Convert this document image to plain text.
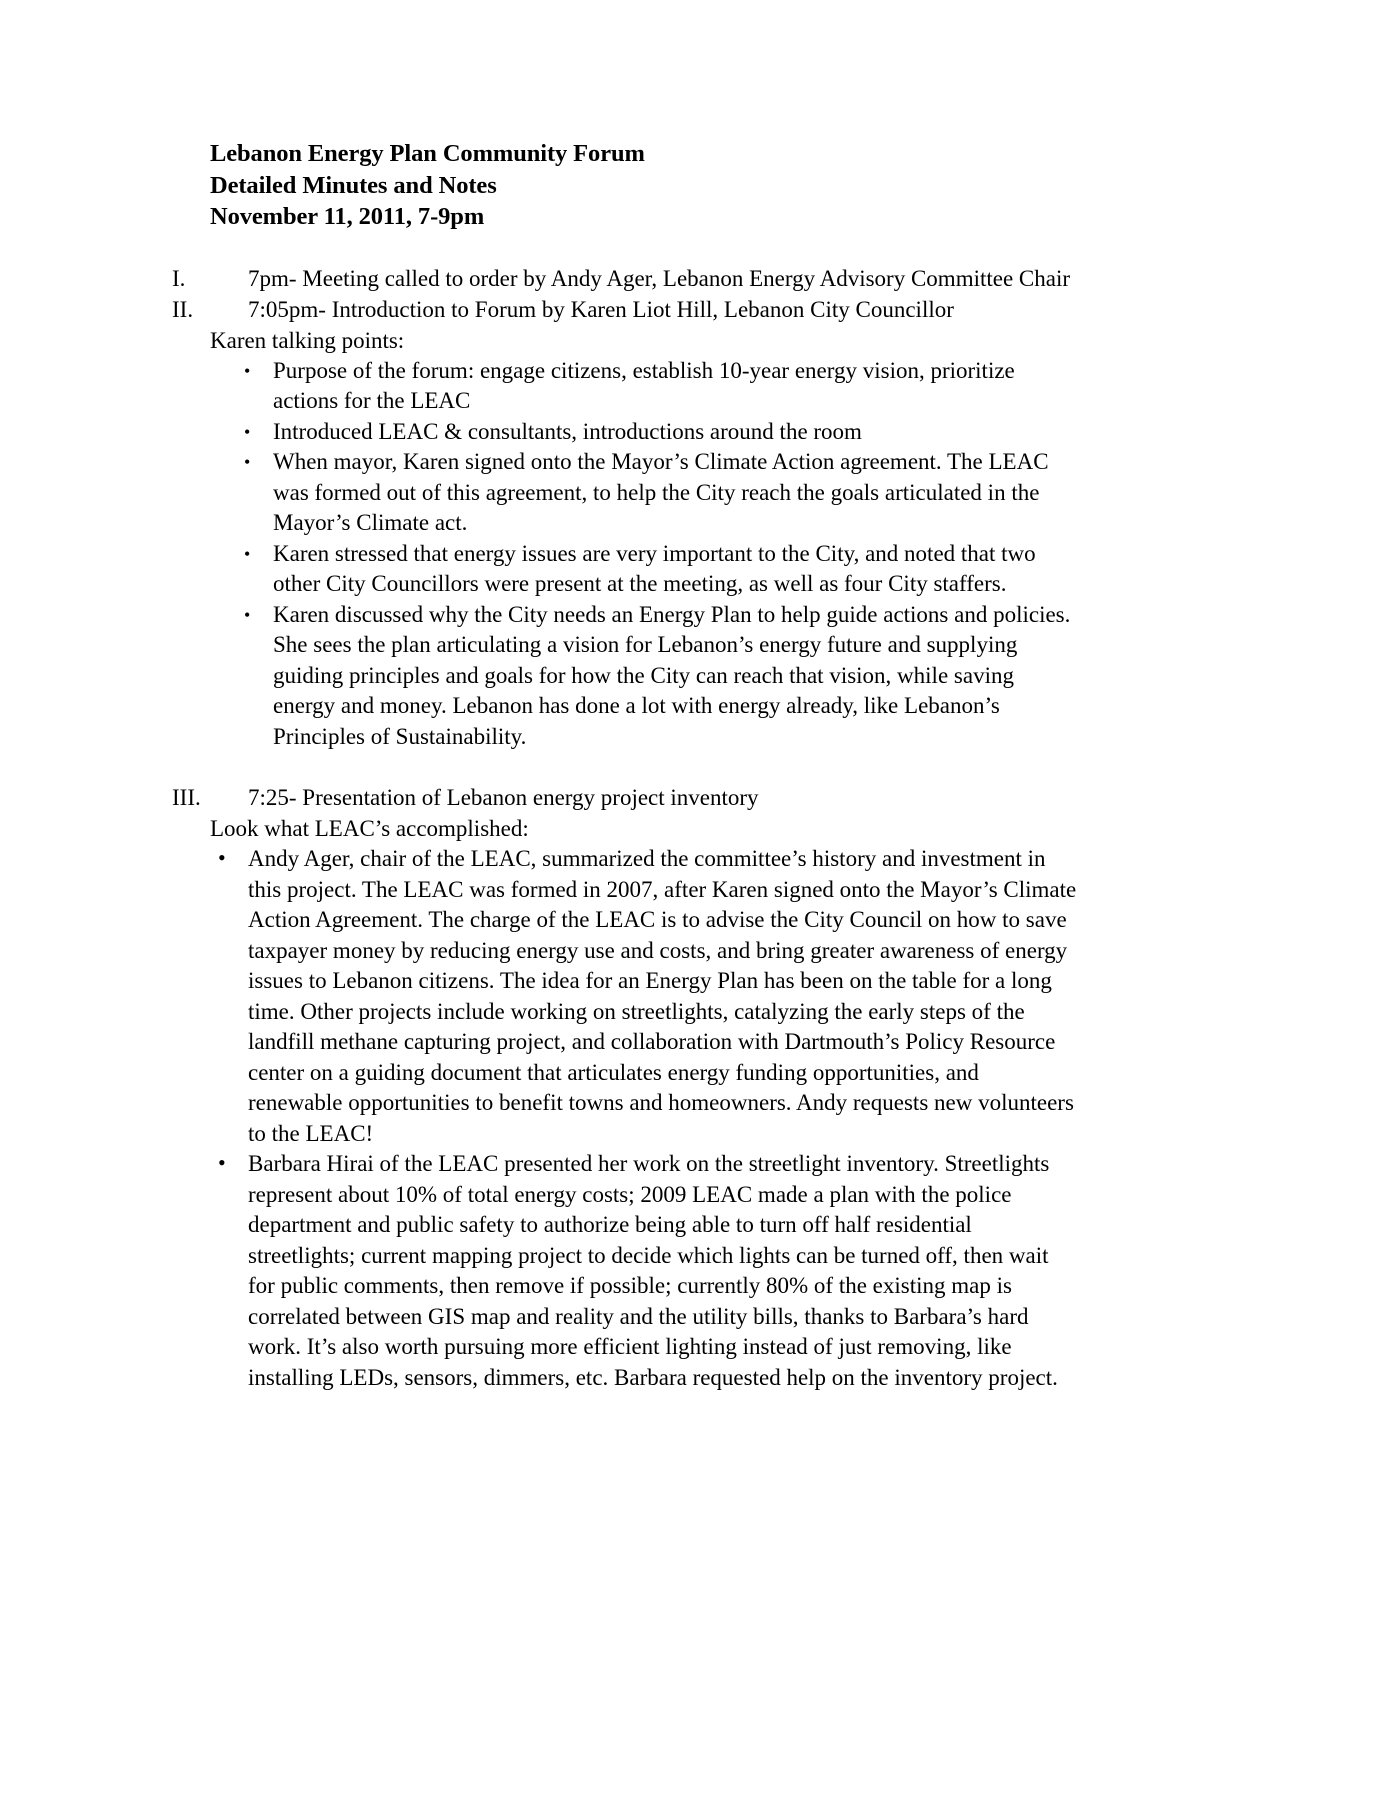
Lebanon Energy Plan Community Forum
Detailed Minutes and Notes
November 11, 2011, 7-9pm
I.	7pm- Meeting called to order by Andy Ager, Lebanon Energy Advisory Committee Chair
II.	7:05pm- Introduction to Forum by Karen Liot Hill, Lebanon City Councillor
Karen talking points:
• Purpose of the forum: engage citizens, establish 10-year energy vision, prioritize actions for the LEAC
• Introduced LEAC & consultants, introductions around the room
• When mayor, Karen signed onto the Mayor’s Climate Action agreement. The LEAC was formed out of this agreement, to help the City reach the goals articulated in the Mayor’s Climate act.
• Karen stressed that energy issues are very important to the City, and noted that two other City Councillors were present at the meeting, as well as four City staffers.
• Karen discussed why the City needs an Energy Plan to help guide actions and policies. She sees the plan articulating a vision for Lebanon’s energy future and supplying guiding principles and goals for how the City can reach that vision, while saving energy and money. Lebanon has done a lot with energy already, like Lebanon’s Principles of Sustainability.
III.	7:25- Presentation of Lebanon energy project inventory
Look what LEAC’s accomplished:
• Andy Ager, chair of the LEAC, summarized the committee’s history and investment in this project. The LEAC was formed in 2007, after Karen signed onto the Mayor’s Climate Action Agreement. The charge of the LEAC is to advise the City Council on how to save taxpayer money by reducing energy use and costs, and bring greater awareness of energy issues to Lebanon citizens. The idea for an Energy Plan has been on the table for a long time. Other projects include working on streetlights, catalyzing the early steps of the landfill methane capturing project, and collaboration with Dartmouth’s Policy Resource center on a guiding document that articulates energy funding opportunities, and renewable opportunities to benefit towns and homeowners. Andy requests new volunteers to the LEAC!
• Barbara Hirai of the LEAC presented her work on the streetlight inventory. Streetlights represent about 10% of total energy costs; 2009 LEAC made a plan with the police department and public safety to authorize being able to turn off half residential streetlights; current mapping project to decide which lights can be turned off, then wait for public comments, then remove if possible; currently 80% of the existing map is correlated between GIS map and reality and the utility bills, thanks to Barbara’s hard work. It’s also worth pursuing more efficient lighting instead of just removing, like installing LEDs, sensors, dimmers, etc. Barbara requested help on the inventory project.
